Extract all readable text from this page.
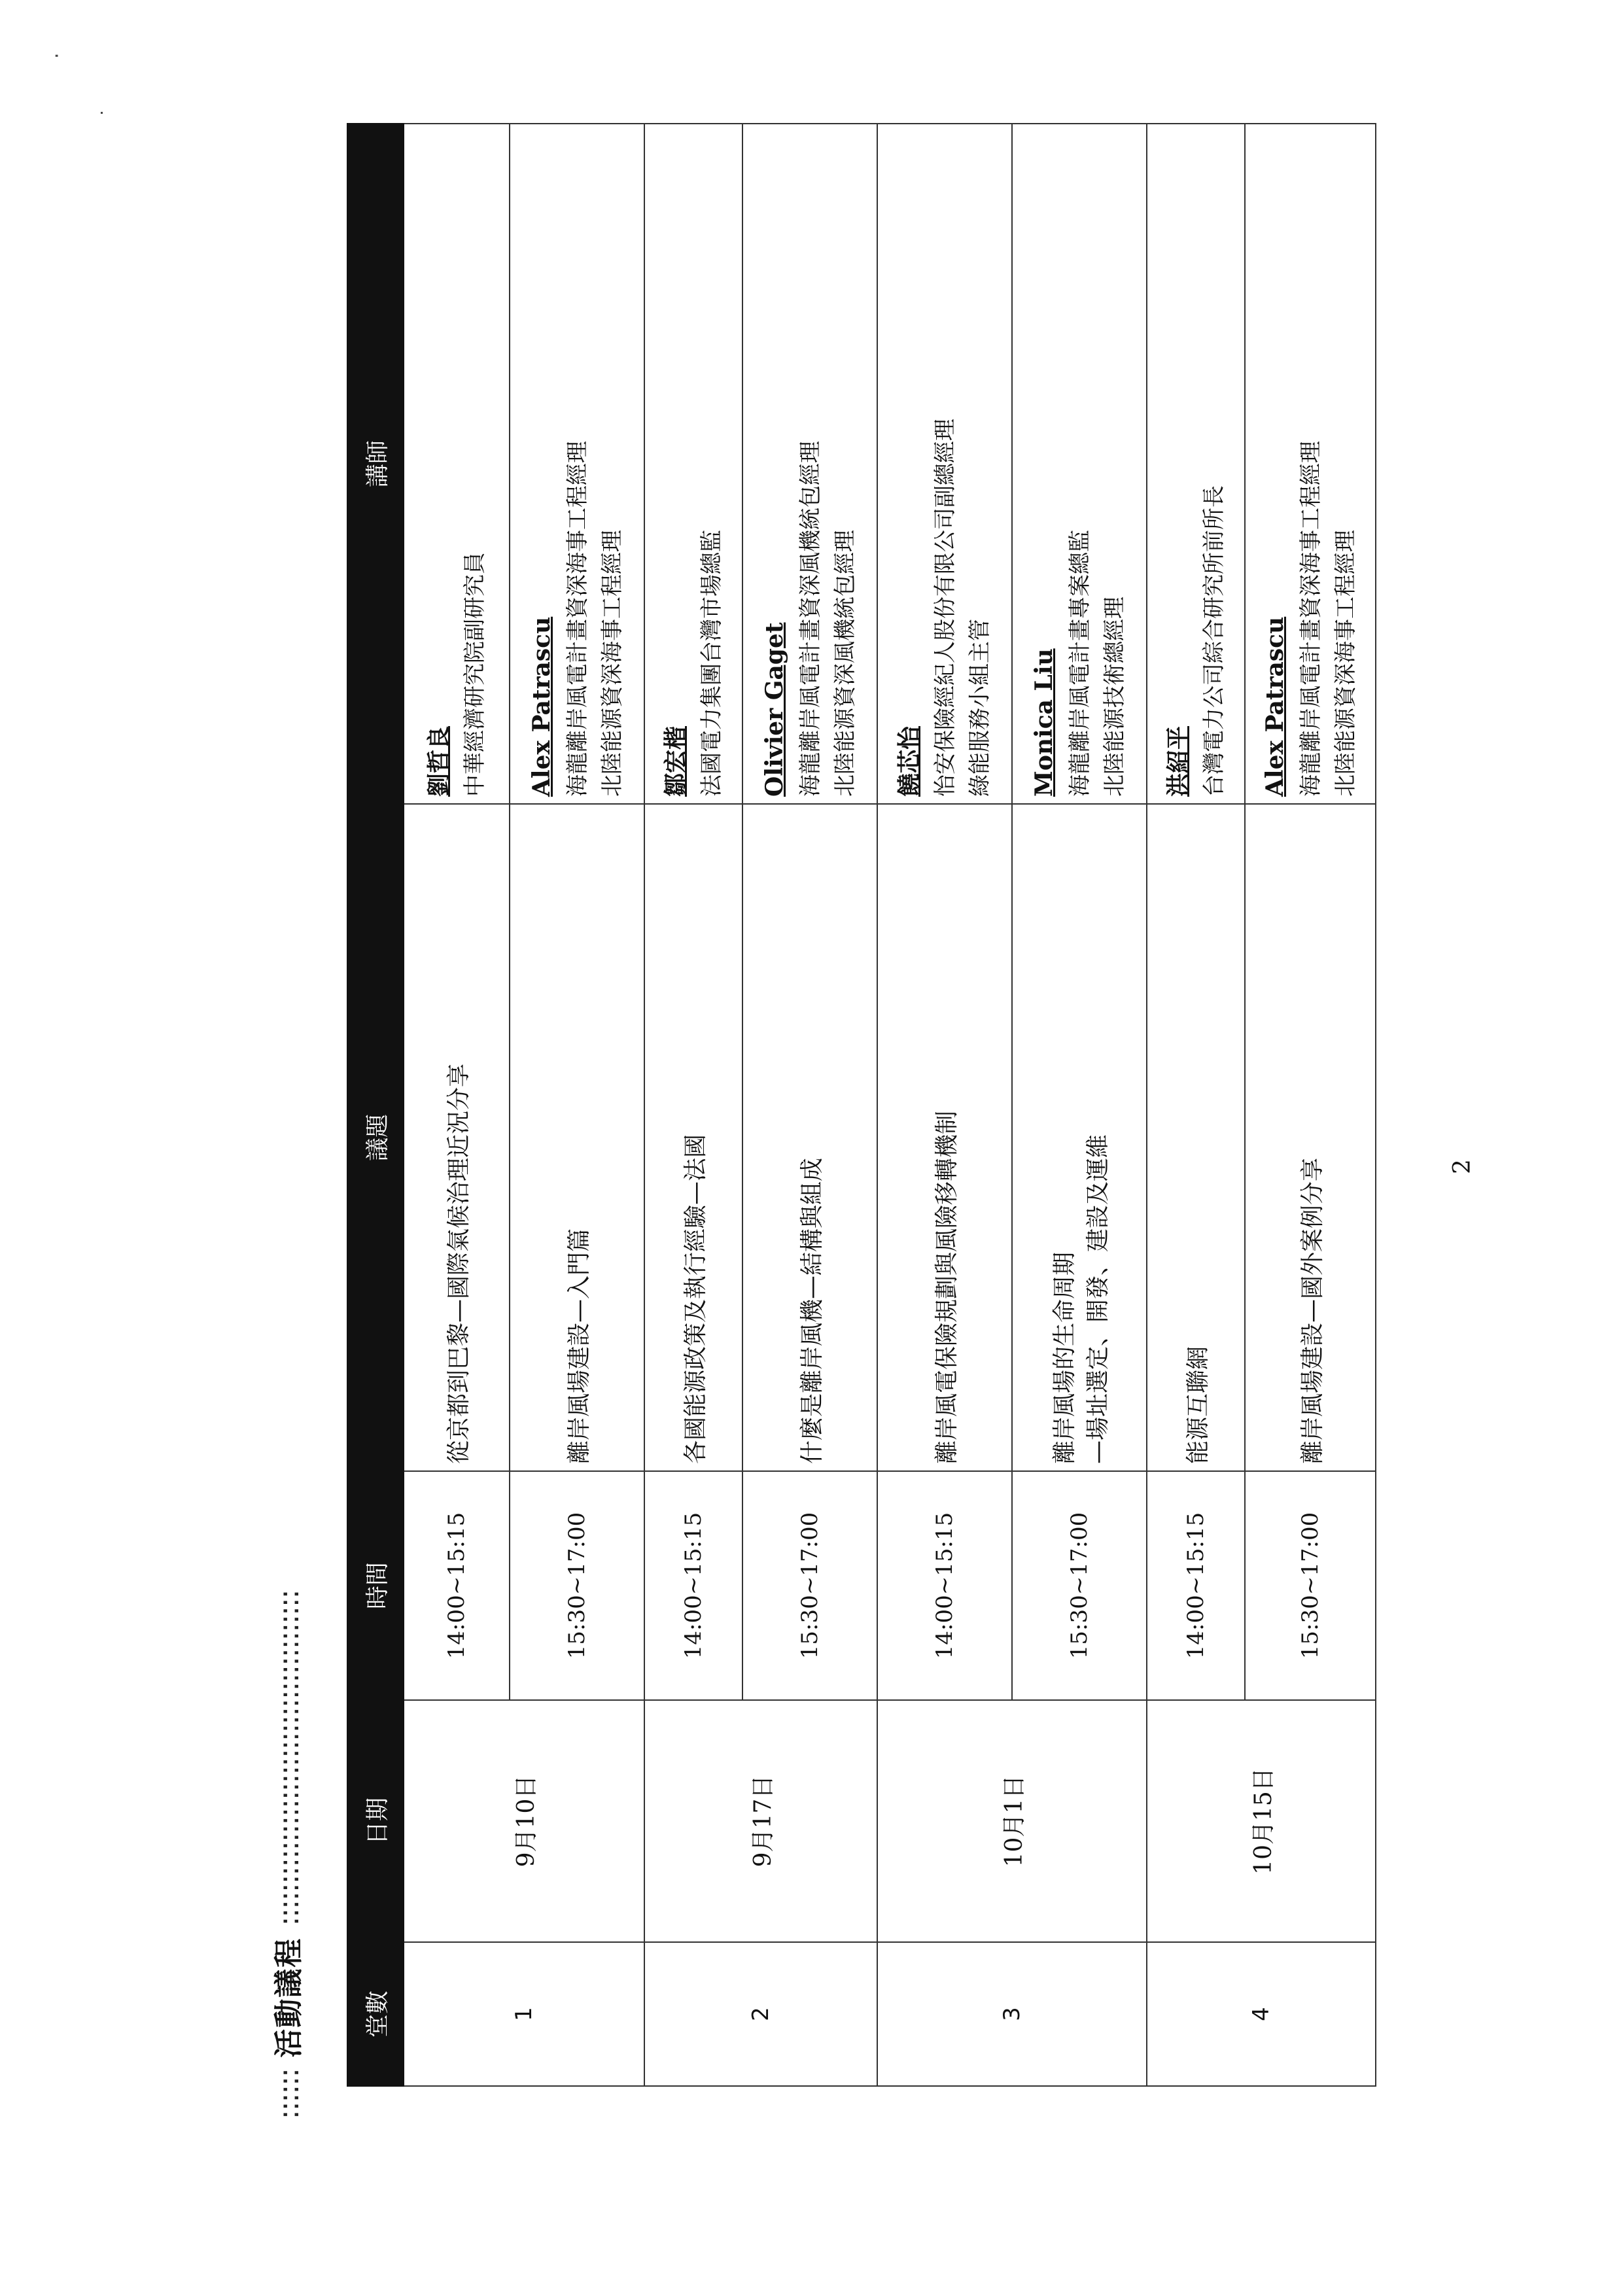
:::::: 活動議程 ::::::::::::::::::::::::::::::::::::::::
堂數	日期	時間	議題	講師
1	9月10日	14:00~15:15	從京都到巴黎—國際氣候治理近況分享	劉哲良 中華經濟研究院副研究員

		15:30~17:00	離岸風場建設—入門篇	Alex Patrascu 海龍離岸風電計畫資深海事工程經理 北陸能源資深海事工程經理

2	9月17日	14:00~15:15	各國能源政策及執行經驗—法國	鄒宏楷 法國電力集團台灣市場總監

		15:30~17:00	什麼是離岸風機—結構與組成	Olivier Gaget 海龍離岸風電計畫資深風機統包經理 北陸能源資深風機統包經理

3	10月1日	14:00~15:15	離岸風電保險規劃與風險移轉機制	饒芯怡 怡安保險經紀人股份有限公司副總經理 綠能服務小組主管

		15:30~17:00	離岸風場的生命周期 —場址選定、開發、建設及運維	Monica Liu 海龍離岸風電計畫專案總監 北陸能源技術總經理

4	10月15日	14:00~15:15	能源互聯網	洪紹平 台灣電力公司綜合研究所前所長

		15:30~17:00	離岸風場建設—國外案例分享	Alex Patrascu 海龍離岸風電計畫資深海事工程經理 北陸能源資深海事工程經理
2
·
˙
